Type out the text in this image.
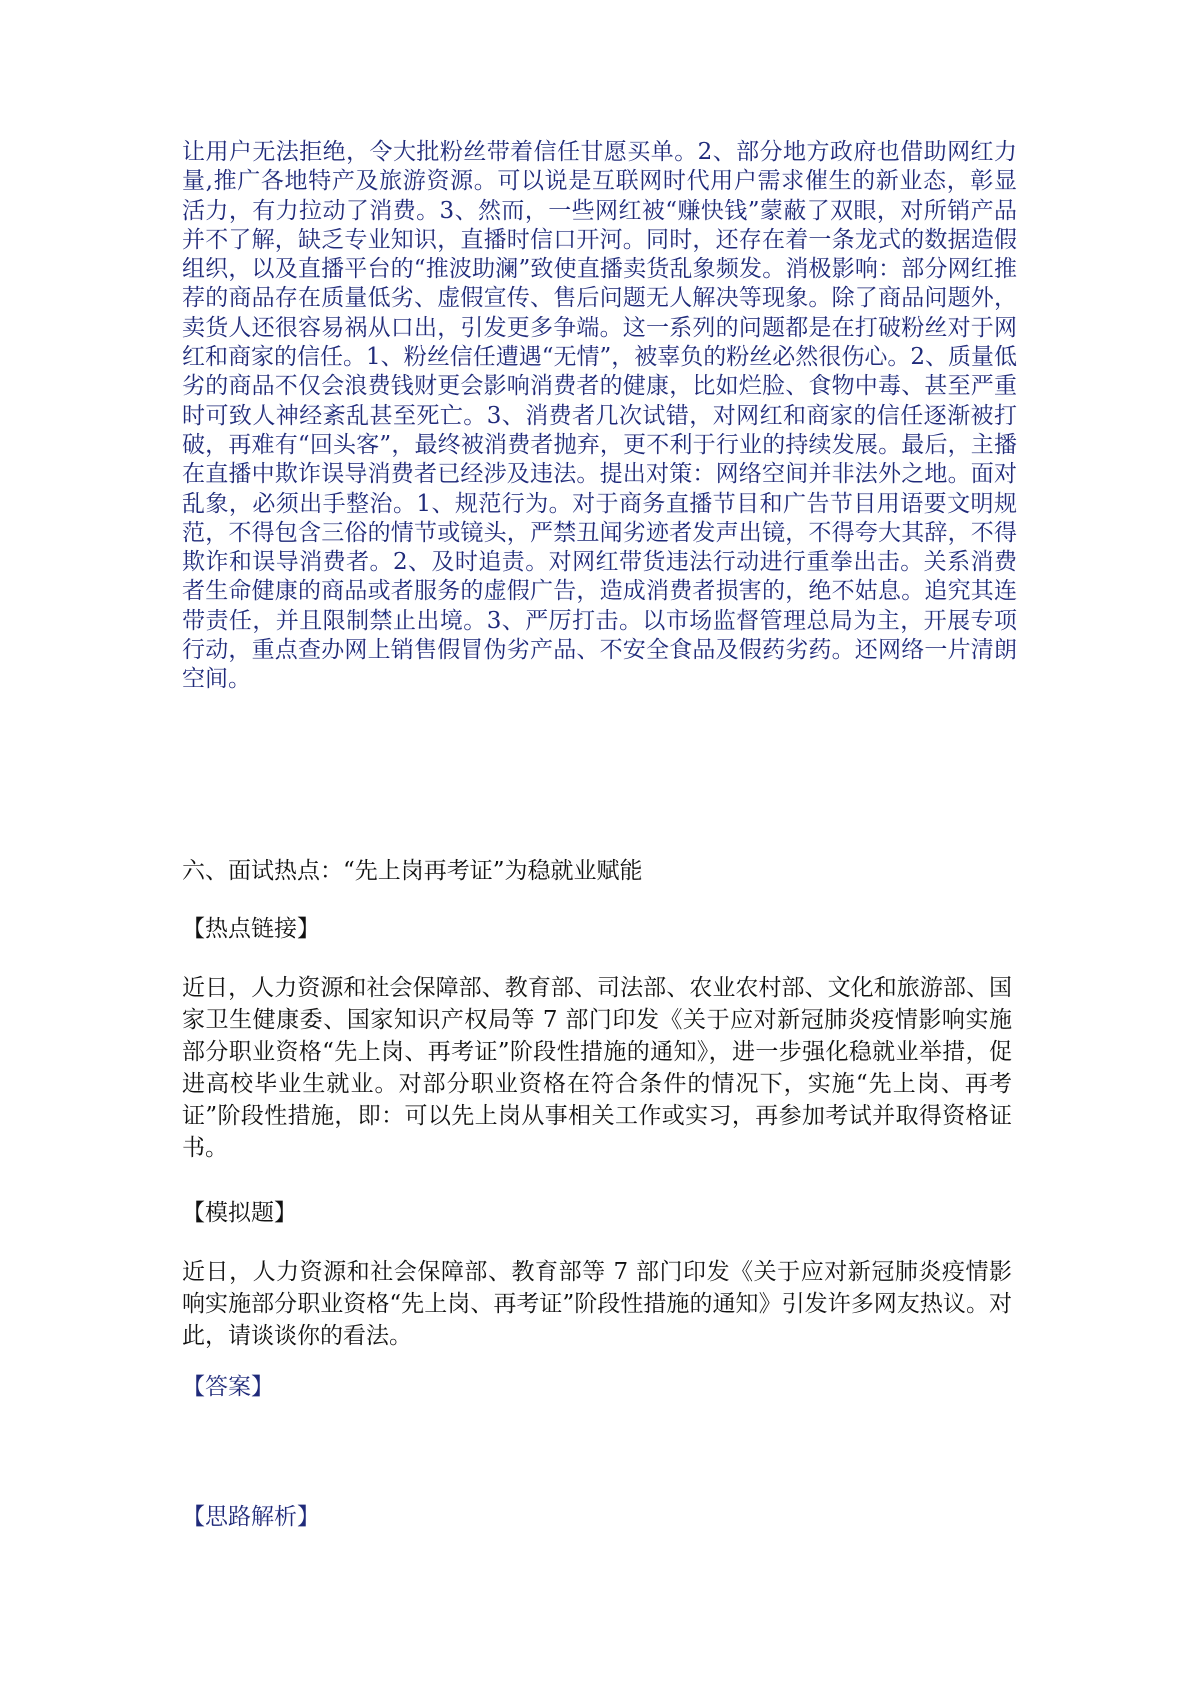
让用户无法拒绝，令大批粉丝带着信任甘愿买单。2、部分地方政府也借助网红力量,推广各地特产及旅游资源。可以说是互联网时代用户需求催生的新业态，彰显活力，有力拉动了消费。3、然而，一些网红被“赚快钱”蒙蔽了双眼，对所销产品并不了解，缺乏专业知识，直播时信口开河。同时，还存在着一条龙式的数据造假组织，以及直播平台的“推波助澜”致使直播卖货乱象频发。消极影响：部分网红推荐的商品存在质量低劣、虚假宣传、售后问题无人解决等现象。除了商品问题外，卖货人还很容易祸从口出，引发更多争端。这一系列的问题都是在打破粉丝对于网红和商家的信任。1、粉丝信任遭遇“无情”，被辜负的粉丝必然很伤心。2、质量低劣的商品不仅会浪费钱财更会影响消费者的健康，比如烂脸、食物中毒、甚至严重时可致人神经紊乱甚至死亡。3、消费者几次试错，对网红和商家的信任逐渐被打破，再难有“回头客”，最终被消费者抛弃，更不利于行业的持续发展。最后，主播在直播中欺诈误导消费者已经涉及违法。提出对策：网络空间并非法外之地。面对乱象，必须出手整治。1、规范行为。对于商务直播节目和广告节目用语要文明规范，不得包含三俗的情节或镜头，严禁丑闻劣迹者发声出镜，不得夸大其辞，不得欺诈和误导消费者。2、及时追责。对网红带货违法行动进行重拳出击。关系消费者生命健康的商品或者服务的虚假广告，造成消费者损害的，绝不姑息。追究其连带责任，并且限制禁止出境。3、严厉打击。以市场监督管理总局为主，开展专项行动，重点查办网上销售假冒伪劣产品、不安全食品及假药劣药。还网络一片清朗空间。

六、面试热点：“先上岗再考证”为稳就业赋能

【热点链接】

近日，人力资源和社会保障部、教育部、司法部、农业农村部、文化和旅游部、国家卫生健康委、国家知识产权局等 7 部门印发《关于应对新冠肺炎疫情影响实施部分职业资格“先上岗、再考证”阶段性措施的通知》，进一步强化稳就业举措，促进高校毕业生就业。对部分职业资格在符合条件的情况下，实施“先上岗、再考证”阶段性措施，即：可以先上岗从事相关工作或实习，再参加考试并取得资格证书。

【模拟题】

近日，人力资源和社会保障部、教育部等 7 部门印发《关于应对新冠肺炎疫情影响实施部分职业资格“先上岗、再考证”阶段性措施的通知》引发许多网友热议。对此，请谈谈你的看法。

【答案】

【思路解析】
